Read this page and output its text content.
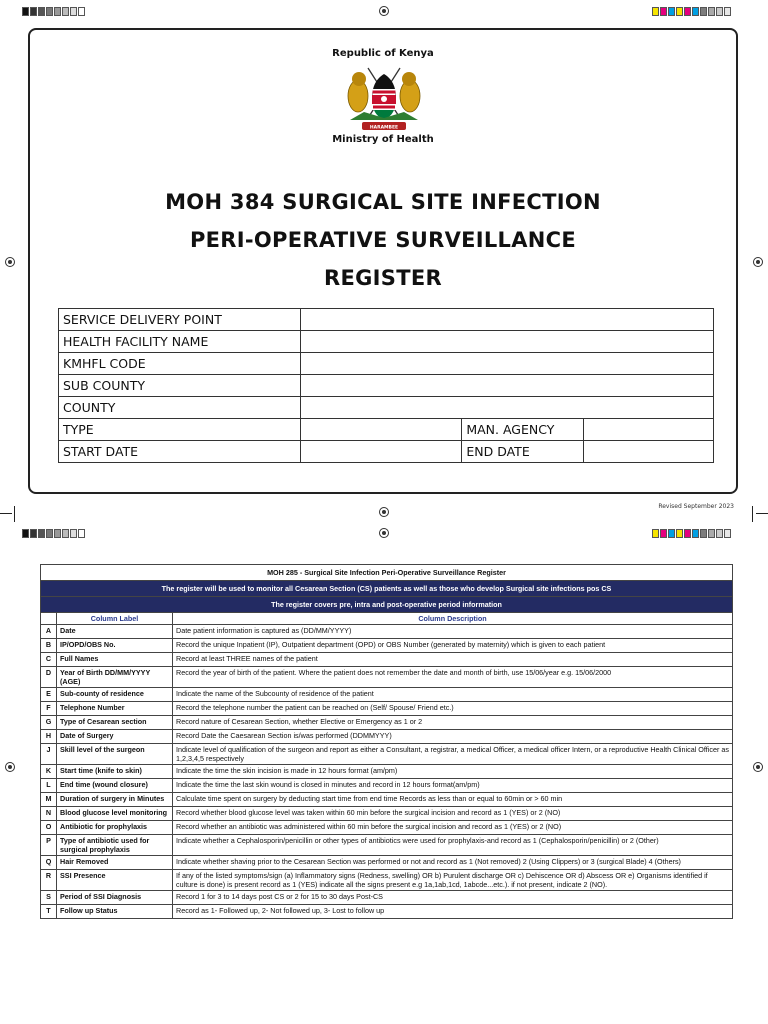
Republic of Kenya
HARAMBEE
Ministry of Health
MOH 384 SURGICAL SITE INFECTION
PERI-OPERATIVE SURVEILLANCE
REGISTER
SERVICE DELIVERY POINT			
HEALTH FACILITY NAME			
KMHFL CODE			
SUB COUNTY			
COUNTY			
TYPE		MAN. AGENCY	
START DATE		END DATE	
Revised September 2023
MOH 285 - Surgical Site Infection Peri-Operative Surveillance Register		
The register will be used to monitor all Cesarean Section (CS) patients as well as those who develop Surgical site infections pos CS		
The register covers pre, intra and post-operative period information		
	Column Label	Column Description
A	Date	Date patient information is captured as (DD/MM/YYYY)
B	IP/OPD/OBS No.	Record the unique Inpatient (IP), Outpatient department (OPD) or OBS Number (generated by maternity) which is given to each patient
C	Full Names	Record at least THREE names of the patient
D	Year of Birth DD/MM/YYYY (AGE)	Record the year of birth of the patient. Where the patient does not remember the date and month of birth, use 15/06/year e.g. 15/06/2000
E	Sub-county of residence	Indicate the name of the Subcounty of residence of the patient
F	Telephone Number	Record the telephone number the patient can be reached on (Self/ Spouse/ Friend etc.)
G	Type of Cesarean section	Record nature of Cesarean Section, whether Elective or Emergency as 1 or 2
H	Date of Surgery	Record Date the Caesarean Section is/was performed (DDMMYYY)
J	Skill level of the surgeon	Indicate level of qualification of the surgeon and report as either a Consultant, a registrar, a medical Officer, a medical officer Intern, or a reproductive Health Clinical Officer as 1,2,3,4,5 respectively
K	Start time (knife to skin)	Indicate the time the skin incision is made in 12 hours format (am/pm)
L	End time (wound closure)	Indicate the time the last skin wound is closed in minutes and record in 12 hours format(am/pm)
M	Duration of surgery in Minutes	Calculate time spent on surgery by deducting start time from end time Records as less than or equal to 60min or > 60 min
N	Blood glucose level monitoring	Record whether blood glucose level was taken within 60 min before the surgical incision and record as 1 (YES) or 2 (NO)
O	Antibiotic for prophylaxis	Record whether an antibiotic was administered within 60 min before the surgical incision and record as 1 (YES) or 2 (NO)
P	Type of antibiotic used for surgical prophylaxis	Indicate whether a Cephalosporin/penicillin or other types of antibiotics were used for prophylaxis-and record as 1 (Cephalosporin/penicillin) or 2 (Other)
Q	Hair Removed	Indicate whether shaving prior to the Cesarean Section was performed or not and record as 1 (Not removed) 2 (Using Clippers) or 3 (surgical Blade) 4 (Others)
R	SSI Presence	If any of the listed symptoms/sign (a) Inflammatory signs (Redness, swelling) OR b) Purulent discharge OR c) Dehiscence OR d) Abscess OR e) Organisms identified if culture is done) is present record as 1 (YES) indicate all the signs present e.g 1a,1ab,1cd, 1abcde...etc.). if not present, indicate 2 (NO).
S	Period of SSI Diagnosis	Record 1 for 3 to 14 days post CS or 2 for 15 to 30 days Post-CS
T	Follow up Status	Record as 1- Followed up, 2- Not followed up, 3- Lost to follow up
